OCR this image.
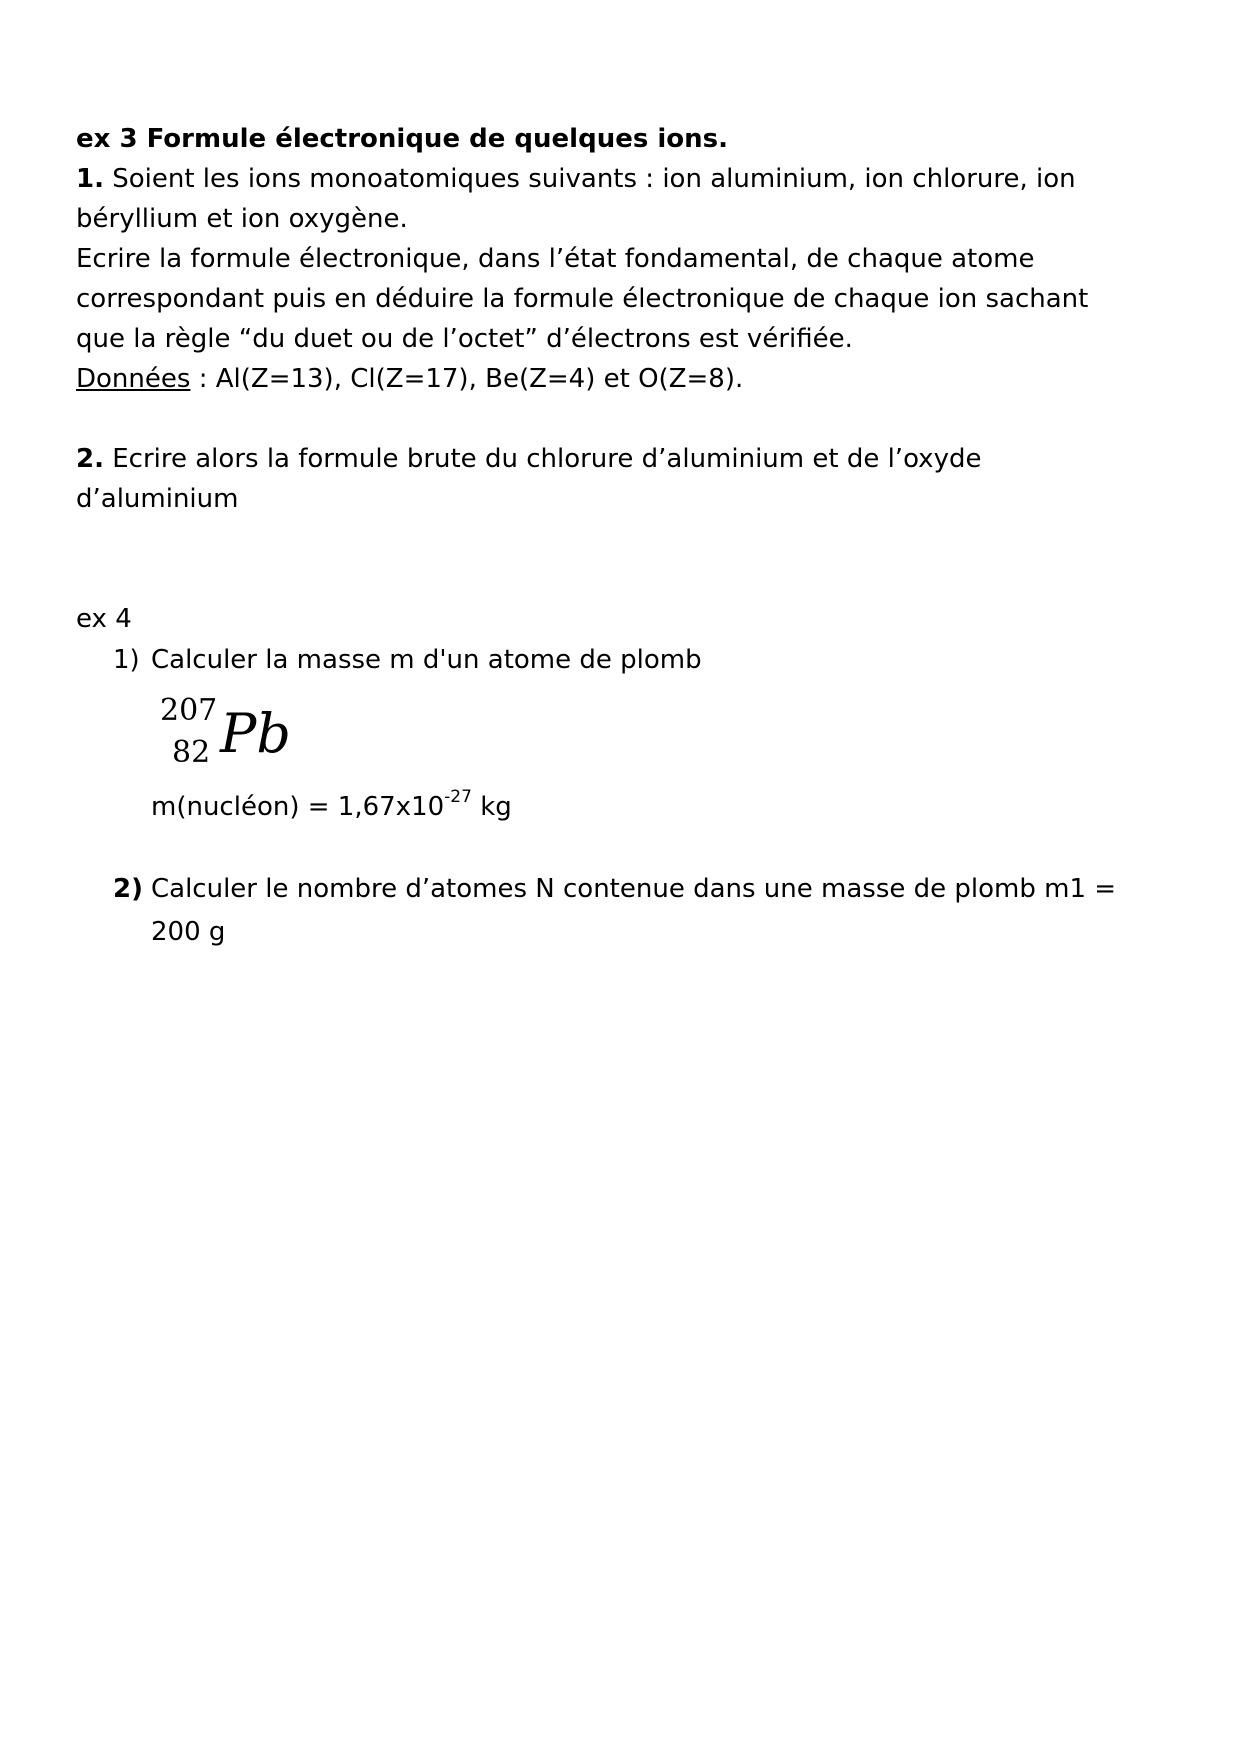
ex 3 Formule électronique de quelques ions.
1. Soient les ions monoatomiques suivants : ion aluminium, ion chlorure, ion
béryllium et ion oxygène.
Ecrire la formule électronique, dans l’état fondamental, de chaque atome
correspondant puis en déduire la formule électronique de chaque ion sachant
que la règle “du duet ou de l’octet” d’électrons est vérifiée.
Données : Al(Z=13), Cl(Z=17), Be(Z=4) et O(Z=8).
2. Ecrire alors la formule brute du chlorure d’aluminium et de l’oxyde
d’aluminium
ex 4
1) Calculer la masse m d'un atome de plomb
207
82 Pb
m(nucléon) = $1,67x10^{-27}$ kg
2) Calculer le nombre d’atomes N contenue dans une masse de plomb m1 =
200 g
